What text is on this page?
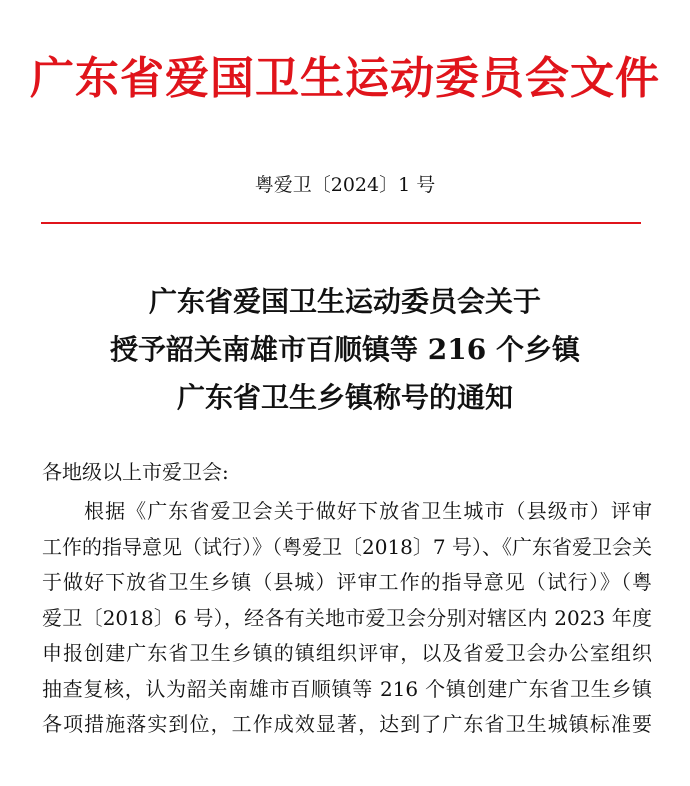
广东省爱国卫生运动委员会文件
粤爱卫〔2024〕1 号
广东省爱国卫生运动委员会关于
授予韶关南雄市百顺镇等 216 个乡镇
广东省卫生乡镇称号的通知
各地级以上市爱卫会:
根据《广东省爱卫会关于做好下放省卫生城市（县级市）评审
工作的指导意见（试行）》（粤爱卫〔2018〕7 号）、《广东省爱卫会关
于做好下放省卫生乡镇（县城）评审工作的指导意见（试行）》（粤
爱卫〔2018〕6 号），经各有关地市爱卫会分别对辖区内 2023 年度
申报创建广东省卫生乡镇的镇组织评审，以及省爱卫会办公室组织
抽查复核，认为韶关南雄市百顺镇等 216 个镇创建广东省卫生乡镇
各项措施落实到位，工作成效显著，达到了广东省卫生城镇标准要
